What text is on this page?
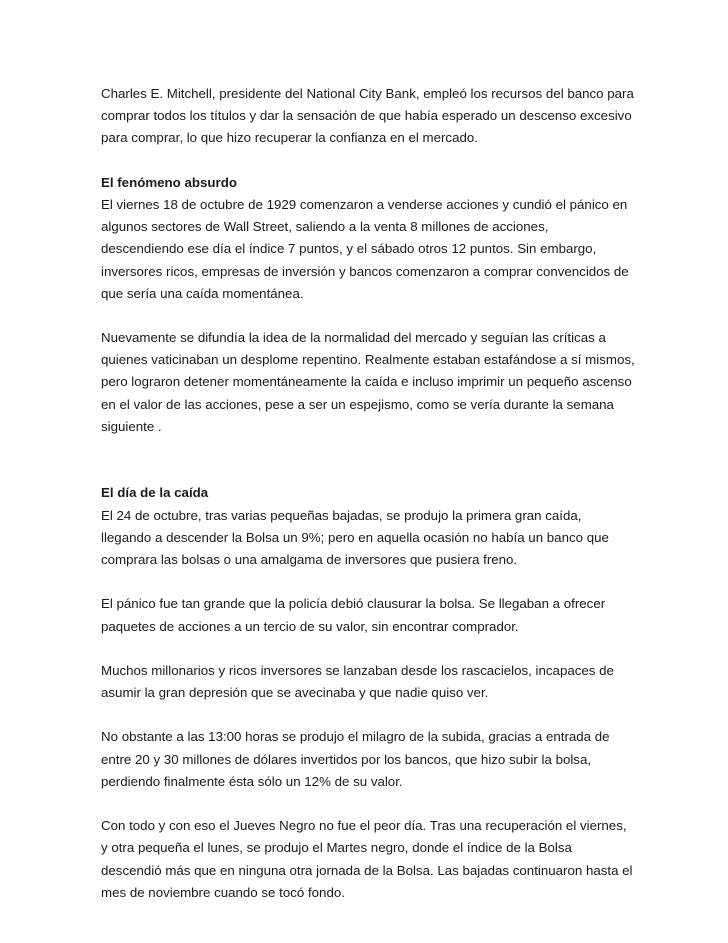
Charles E. Mitchell, presidente del National City Bank, empleó los recursos del banco para
comprar todos los títulos y dar la sensación de que había esperado un descenso excesivo
para comprar, lo que hizo recuperar la confianza en el mercado.
El fenómeno absurdo
El viernes 18 de octubre de 1929 comenzaron a venderse acciones y cundió el pánico en
algunos sectores de Wall Street, saliendo a la venta 8 millones de acciones,
descendiendo ese día el índice 7 puntos, y el sábado otros 12 puntos. Sin embargo,
inversores ricos, empresas de inversión y bancos comenzaron a comprar convencidos de
que sería una caída momentánea.
Nuevamente se difundía la idea de la normalidad del mercado y seguían las críticas a
quienes vaticinaban un desplome repentino. Realmente estaban estafándose a sí mismos,
pero lograron detener momentáneamente la caída e incluso imprimir un pequeño ascenso
en el valor de las acciones, pese a ser un espejismo, como se vería durante la semana
siguiente .
El día de la caída
El 24 de octubre, tras varias pequeñas bajadas, se produjo la primera gran caída,
llegando a descender la Bolsa un 9%; pero en aquella ocasión no había un banco que
comprara las bolsas o una amalgama de inversores que pusiera freno.
El pánico fue tan grande que la policía debió clausurar la bolsa. Se llegaban a ofrecer
paquetes de acciones a un tercio de su valor, sin encontrar comprador.
Muchos millonarios y ricos inversores se lanzaban desde los rascacielos, incapaces de
asumir la gran depresión que se avecinaba y que nadie quiso ver.
No obstante a las 13:00 horas se produjo el milagro de la subida, gracias a entrada de
entre 20 y 30 millones de dólares invertidos por los bancos, que hizo subir la bolsa,
perdiendo finalmente ésta sólo un 12% de su valor.
Con todo y con eso el Jueves Negro no fue el peor día. Tras una recuperación el viernes,
y otra pequeña el lunes, se produjo el Martes negro, donde el índice de la Bolsa
descendió más que en ninguna otra jornada de la Bolsa. Las bajadas continuaron hasta el
mes de noviembre cuando se tocó fondo.
